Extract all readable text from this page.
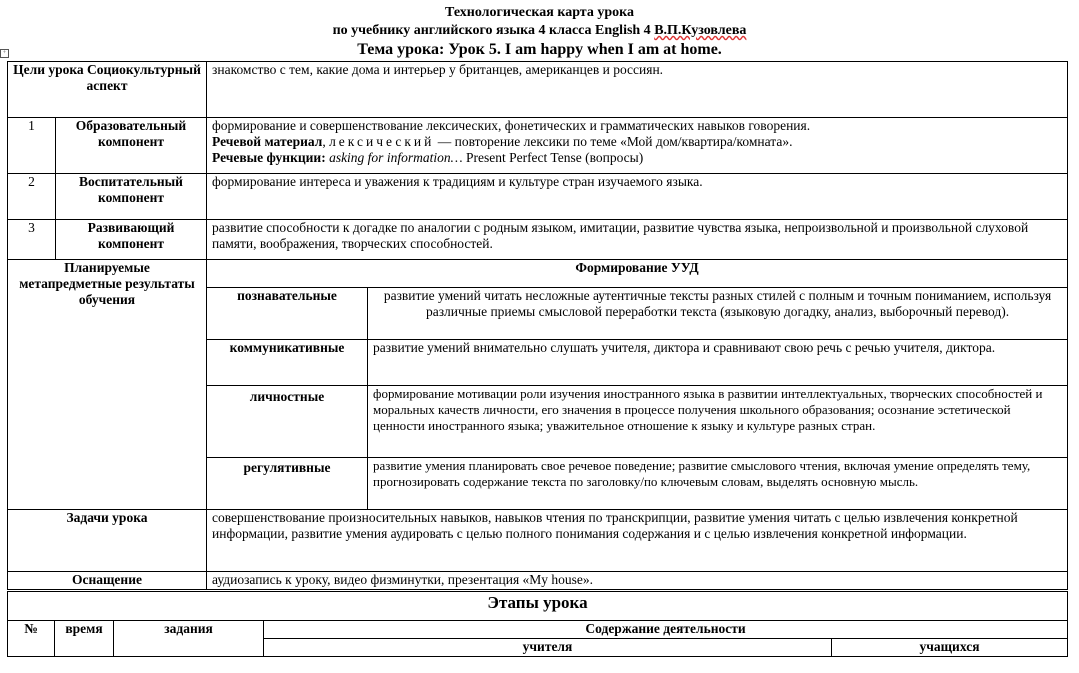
Технологическая карта урока
по учебнику английского языка 4 класса English 4 В.П.Кузовлева
Тема урока: Урок 5. I am happy when I am at home.
+
Цели урока Социокультурный аспект		знакомство с тем, какие дома и интерьер у британцев, американцев и россиян.	
1	Образовательный компонент	формирование и совершенствование лексических, фонетических и грамматических навыков говорения.
Речевой материал, лексический — повторение лексики по теме «Мой дом/квартира/комната».
Речевые функции: asking for information… Present Perfect Tense (вопросы)	

2	Воспитательный компонент	формирование интереса и уважения к традициям и культуре стран изучаемого языка.	
3	Развивающий компонент	развитие способности к догадке по аналогии с родным языком, имитации, развитие чувства языка, непроизвольной и произвольной слуховой памяти, воображения, творческих способностей.	
Планируемые метапредметные результаты обучения		Формирование УУД	
		познавательные	развитие умений читать несложные аутентичные тексты разных стилей с полным и точным пониманием, используя различные приемы смысловой переработки текста (языковую догадку, анализ, выборочный перевод).
		коммуникативные	развитие умений внимательно слушать учителя, диктора и сравнивают свою речь с речью учителя, диктора.
		личностные	формирование мотивации роли изучения иностранного языка в развитии интеллектуальных, творческих способностей и моральных качеств личности, его значения в процессе получения школьного образования; осознание эстетической ценности иностранного языка; уважительное отношение к языку и культуре разных стран.
		регулятивные	развитие умения планировать свое речевое поведение; развитие смыслового чтения, включая умение определять тему, прогнозировать содержание текста по заголовку/по ключевым словам, выделять основную мысль.
Задачи урока		совершенствование произносительных навыков, навыков чтения по транскрипции, развитие умения читать с целью извлечения конкретной информации, развитие умения аудировать с целью полного понимания содержания и с целью извлечения конкретной информации.	
Оснащение		аудиозапись к уроку, видео физминутки, презентация «My house».	
Этапы урока				
№	время	задания	Содержание деятельности	
			учителя	учащихся
